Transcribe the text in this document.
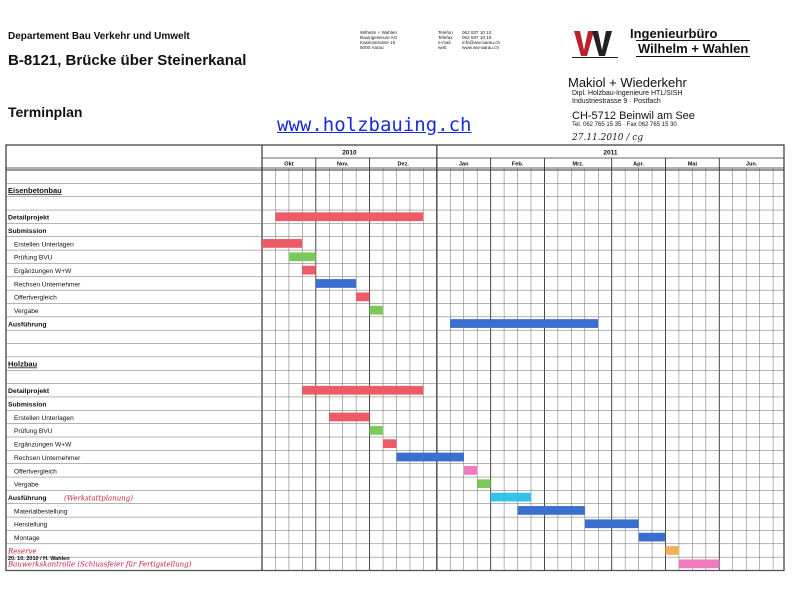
Departement Bau Verkehr und Umwelt
B-8121, Brücke über Steinerkanal
Terminplan
www.holzbauing.ch
Wilhelm + Wahlen
Bauingenieure AG
Kasinostrasse 15
5000 Aarau
Telefon
Telefax
e-mail
web
062 837 10 10
062 837 10 18
info@ww-aarau.ch
www.ww-aarau.ch
Ingenieurbüro
Wilhelm + Wahlen
Makiol + Wiederkehr
Dipl. Holzbau-Ingenieure HTL/SISH
Industriestrasse 9 · Postfach
CH-5712 Beinwil am See
Tel. 062 765 15 35 · Fax 062 765 15 30
27.11.2010 / cg
2010	2011
Okt	Nov.	Dez.	Jan	Feb.	Mrz.	Apr.	Mai	Jun.
Eisenbetonbau
Detailprojekt
Submission
Erstellen Unterlagen
Prüfung BVU
Ergänzungen W+W
Rechsen Unternehmer
Offertvergleich
Vergabe
Ausführung
Holzbau
Detailprojekt
Submission
Erstellen Unterlagen
Prüfung BVU
Ergänzungen W+W
Rechsen Unternehmer
Offertvergleich
Vergabe
Ausführung (Werkstattplanung)
Materialbestellung
Herstellung
Montage
Reserve
Bauwerkskontrolle (Schlussfeier für Fertigstellung)
20. 10. 2010 / H. Wahlen
